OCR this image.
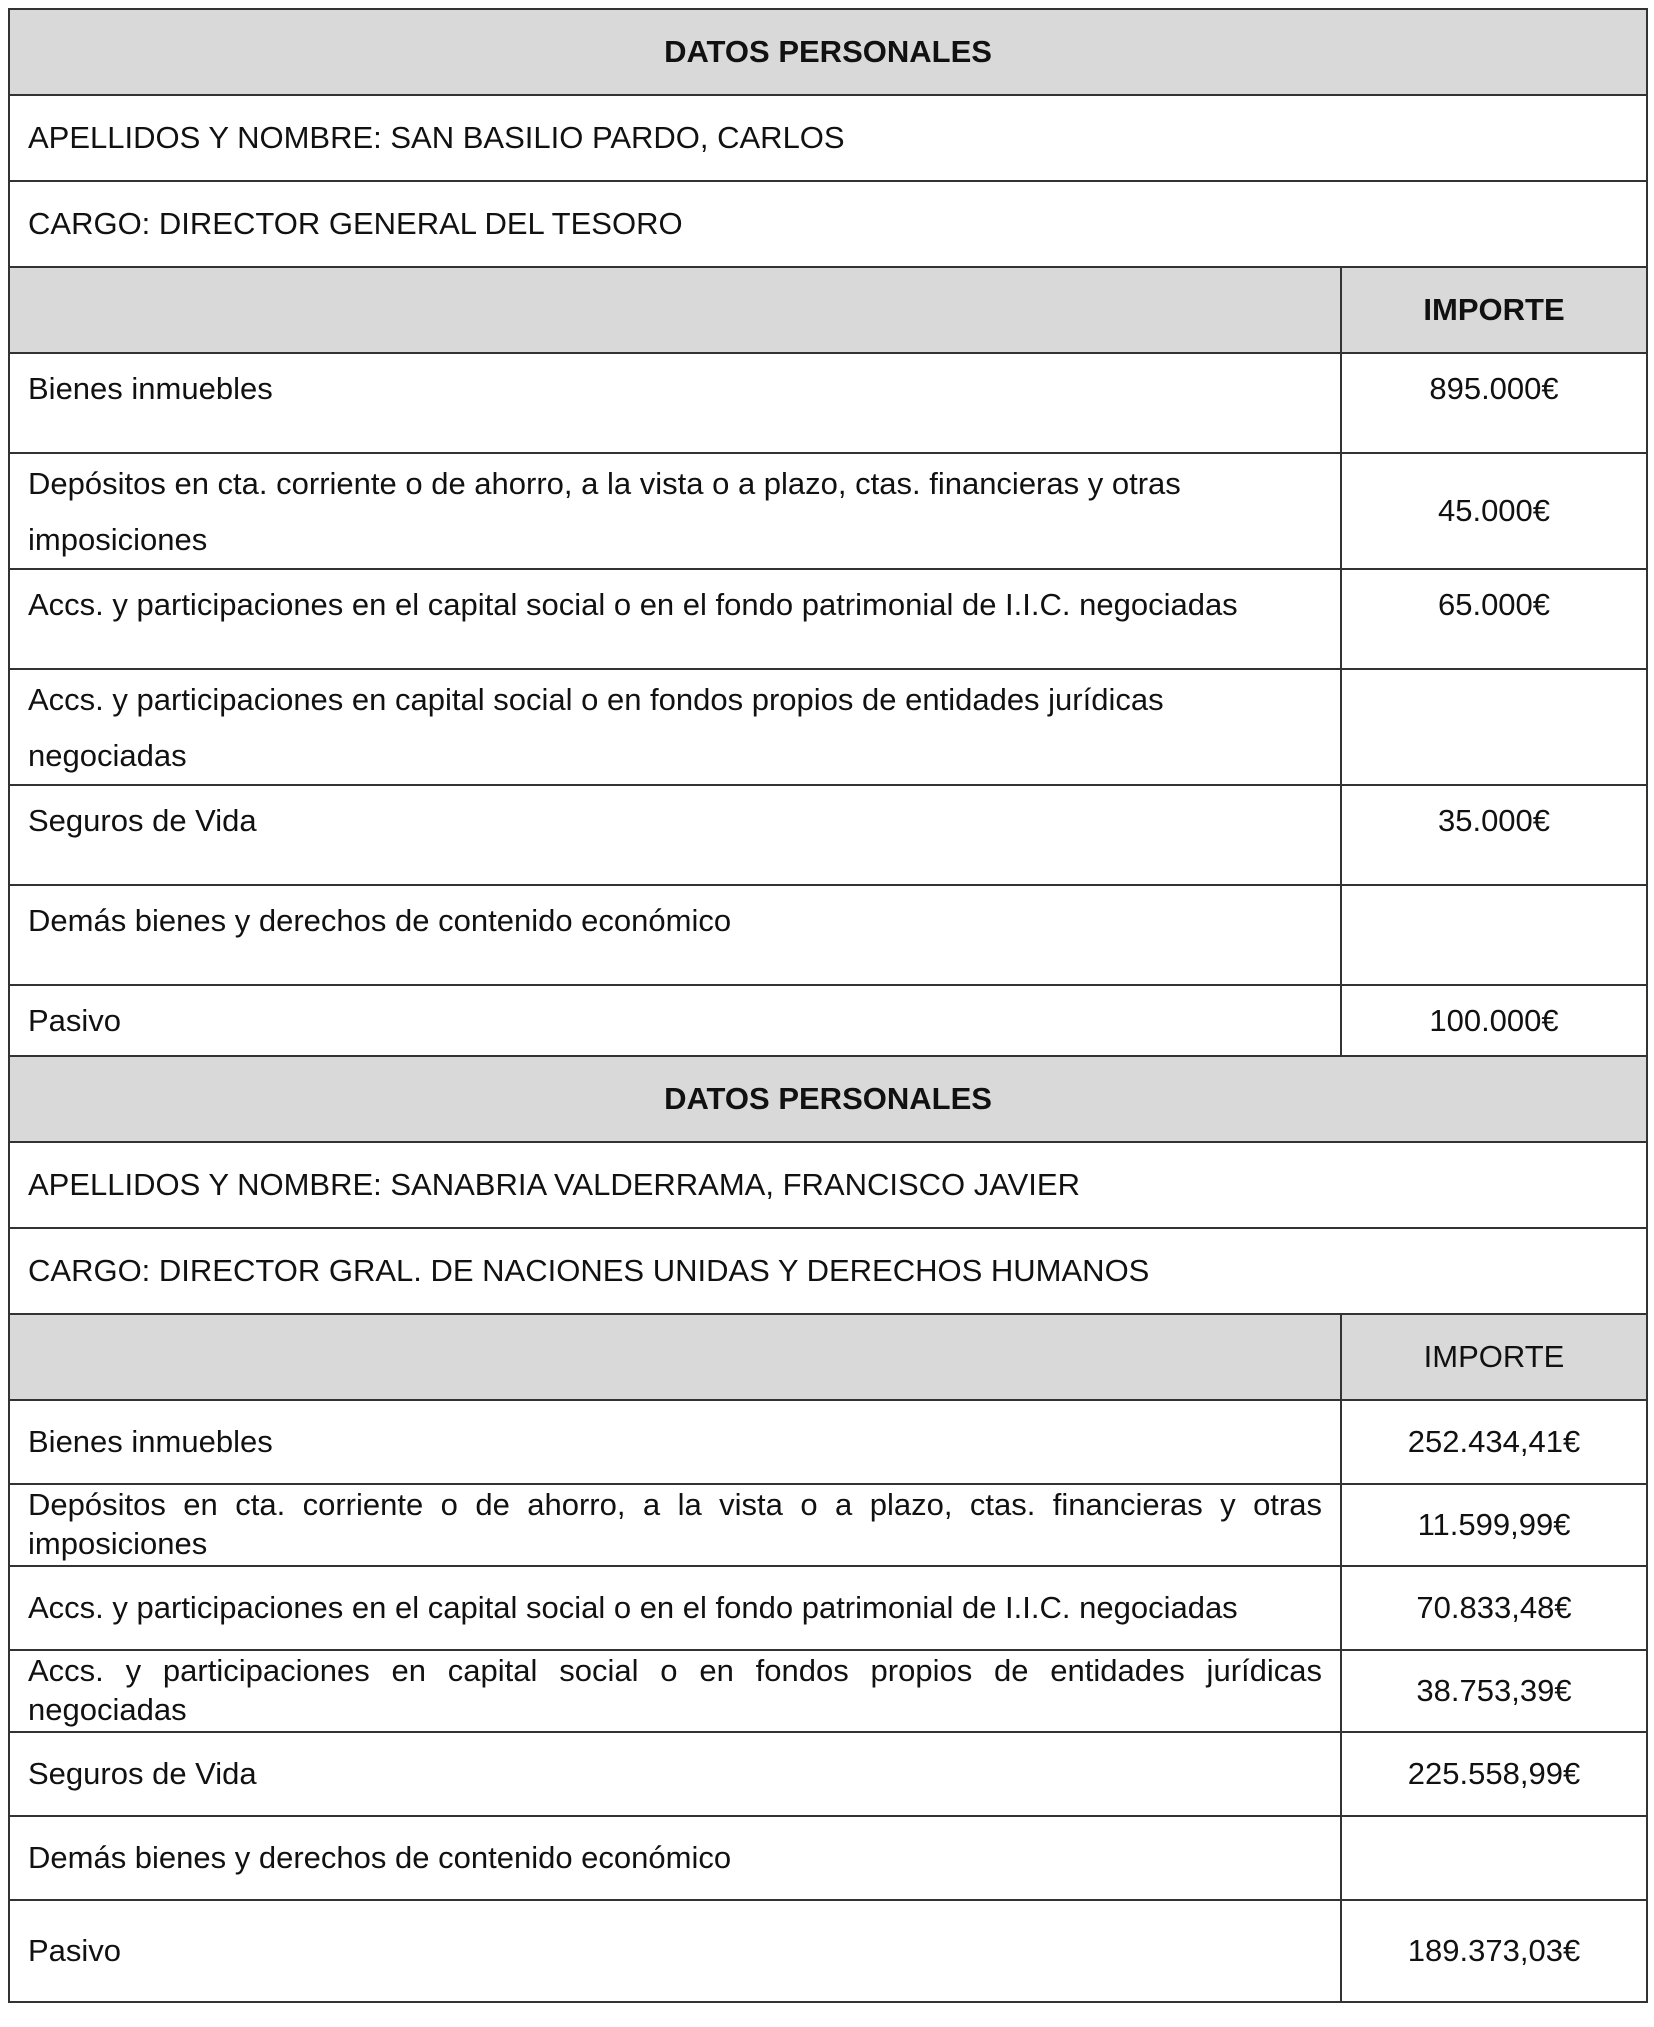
DATOS PERSONALES	
APELLIDOS Y NOMBRE: SAN BASILIO PARDO, CARLOS	
CARGO: DIRECTOR GENERAL DEL TESORO	
	IMPORTE
Bienes inmuebles	895.000€
Depósitos en cta. corriente o de ahorro, a la vista o a plazo, ctas. financieras y otras imposiciones	45.000€
Accs. y participaciones en el capital social o en el fondo patrimonial de I.I.C. negociadas	65.000€
Accs. y participaciones en capital social o en fondos propios de entidades jurídicas negociadas	
Seguros de Vida	35.000€
Demás bienes y derechos de contenido económico	
Pasivo	100.000€
DATOS PERSONALES	
APELLIDOS Y NOMBRE: SANABRIA VALDERRAMA, FRANCISCO JAVIER	
CARGO: DIRECTOR GRAL. DE NACIONES UNIDAS Y DERECHOS HUMANOS	
	IMPORTE
Bienes inmuebles	252.434,41€
Depósitos en cta. corriente o de ahorro, a la vista o a plazo, ctas. financieras y otras imposiciones	11.599,99€
Accs. y participaciones en el capital social o en el fondo patrimonial de I.I.C. negociadas	70.833,48€
Accs. y participaciones en capital social o en fondos propios de entidades jurídicas negociadas	38.753,39€
Seguros de Vida	225.558,99€
Demás bienes y derechos de contenido económico	
Pasivo	189.373,03€
